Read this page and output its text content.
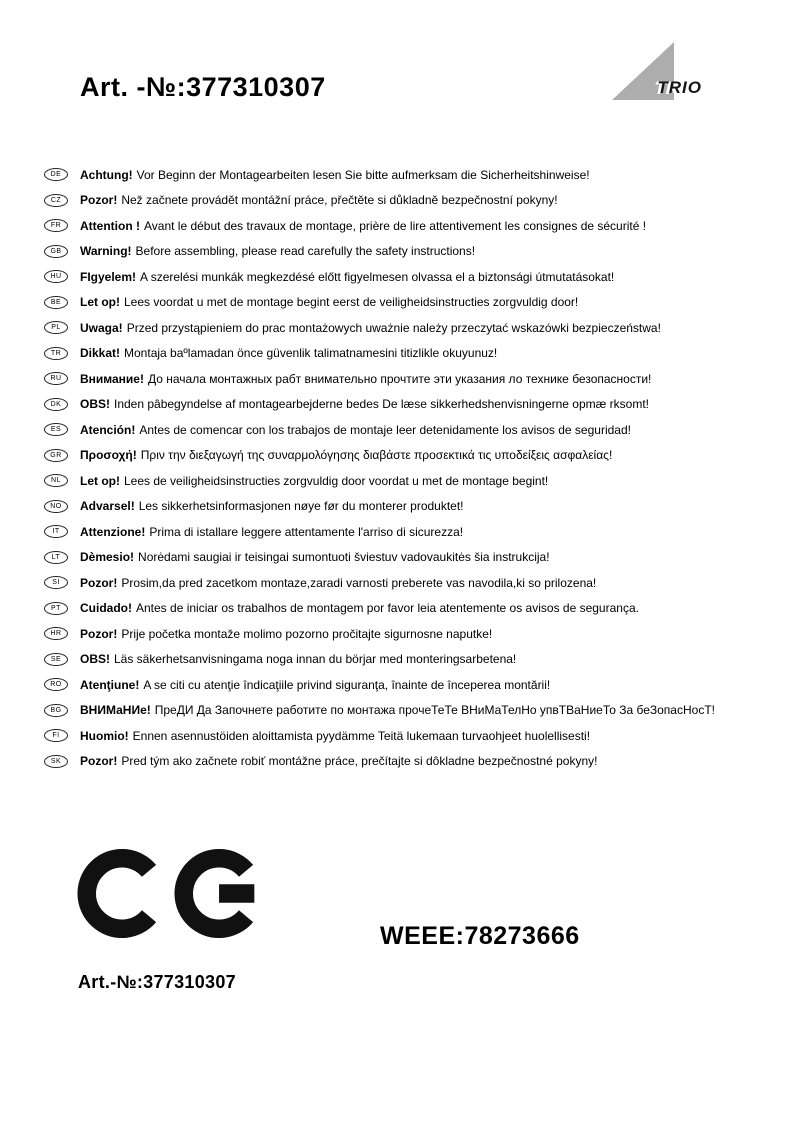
Art. -№:377310307	TRIO
DE	Achtung! Vor Beginn der Montagearbeiten lesen Sie bitte aufmerksam die Sicherheitshinweise!
CZ	Pozor! Než začnete provádět montážní práce, přečtěte si důkladně bezpečnostní pokyny!
FR	Attention ! Avant le début des travaux de montage, prière de lire attentivement les consignes de sécurité !
GB	Warning! Before assembling, please read carefully the safety instructions!
HU	FIgyelem! A szerelési munkák megkezdésé előtt figyelmesen olvassa el a biztonsági útmutatásokat!
BE	Let op! Lees voordat u met de montage begint eerst de veiligheidsinstructies zorgvuldig door!
PL	Uwaga! Przed przystąpieniem do prac montażowych uważnie należy przeczytać wskazówki bezpieczeństwa!
TR	Dikkat! Montaja baºlamadan önce güvenlik talimatnamesini titizlikle okuyunuz!
RU	Внимание! До начала монтажных рабт внимательно прочтите эти указания ло технике безопасности!
DK	OBS! Inden pâbegyndelse af montagearbejderne bedes De læse sikkerhedshenvisningerne opmæ rksomt!
ES	Atención! Antes de comencar con los trabajos de montaje leer detenidamente los avisos de seguridad!
GR	Προσοχή! Πριν την διεξαγωγή της συναρμολόγησης διαβάστε προσεκτικά τις υποδείξεις ασφαλείας!
NL	Let op! Lees de veiligheidsinstructies zorgvuldig door voordat u met de montage begint!
NO	Advarsel! Les sikkerhetsinformasjonen nøye før du monterer produktet!
IT	Attenzione! Prima di istallare leggere attentamente l'arriso di sicurezza!
LT	Dèmesio! Norėdami saugiai ir teisingai sumontuoti šviestuv vadovaukitės šia instrukcija!
SI	Pozor! Prosim,da pred zacetkom montaze,zaradi varnosti preberete vas navodila,ki so prilozena!
PT	Cuidado! Antes de iniciar os trabalhos de montagem por favor leia atentemente os avisos de segurança.
HR	Pozor! Prije početka montaže molimo pozorno pročitajte sigurnosne naputke!
SE	OBS! Läs säkerhetsanvisningama noga innan du börjar med monteringsarbetena!
RO	Atenţiune! A se citi cu atenţie îndicaţiile privind siguranţa, înainte de începerea montării!
BG	ВНИМаНИе! ПреДИ Да Започнете работите по монтажа прочеТеТе ВНиМаТелНо упвТВаНиеТо За беЗопасНосТ!
FI	Huomio! Ennen asennustöiden aloittamista pyydämme Teitä lukemaan turvaohjeet huolellisesti!
SK	Pozor! Pred tým ako začnete robiť montážne práce, prečítajte si dôkladne bezpečnostné pokyny!
WEEE:78273666
Art.-№:377310307
